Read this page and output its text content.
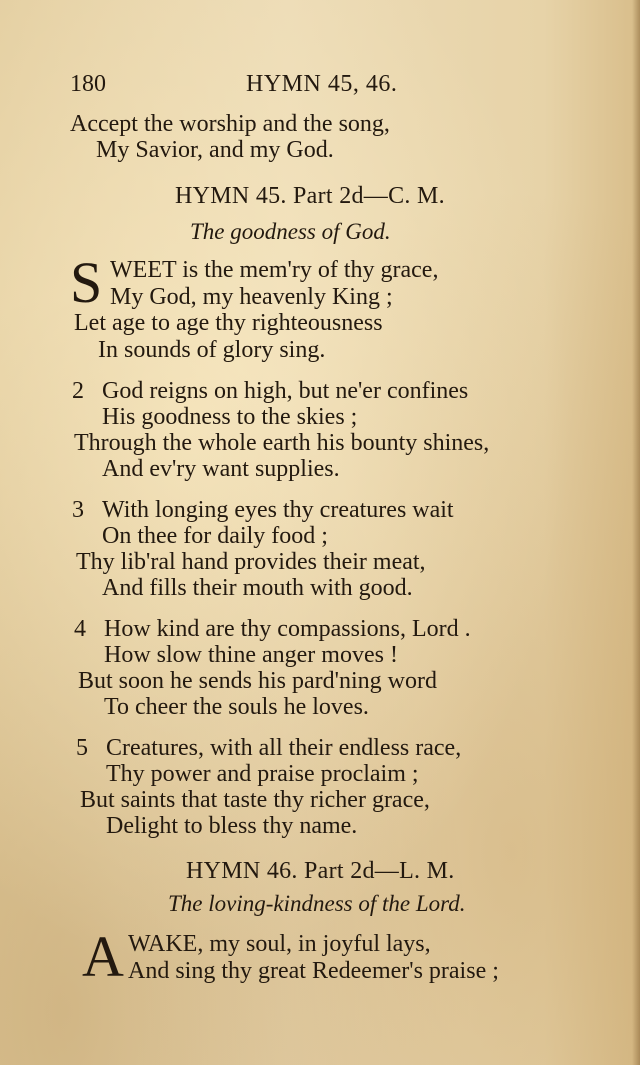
180	HYMN 45, 46.
Accept the worship and the song,
My Savior, and my God.
HYMN 45. Part 2d—C. M.
The goodness of God.
S WEET is the mem'ry of thy grace,
My God, my heavenly King ;
Let age to age thy righteousness
In sounds of glory sing.
2 God reigns on high, but ne'er confines
His goodness to the skies ;
Through the whole earth his bounty shines,
And ev'ry want supplies.
3 With longing eyes thy creatures wait
On thee for daily food ;
Thy lib'ral hand provides their meat,
And fills their mouth with good.
4 How kind are thy compassions, Lord .
How slow thine anger moves !
But soon he sends his pard'ning word
To cheer the souls he loves.
5 Creatures, with all their endless race,
Thy power and praise proclaim ;
But saints that taste thy richer grace,
Delight to bless thy name.
HYMN 46. Part 2d—L. M.
The loving-kindness of the Lord.
A WAKE, my soul, in joyful lays,
And sing thy great Redeemer's praise ;
